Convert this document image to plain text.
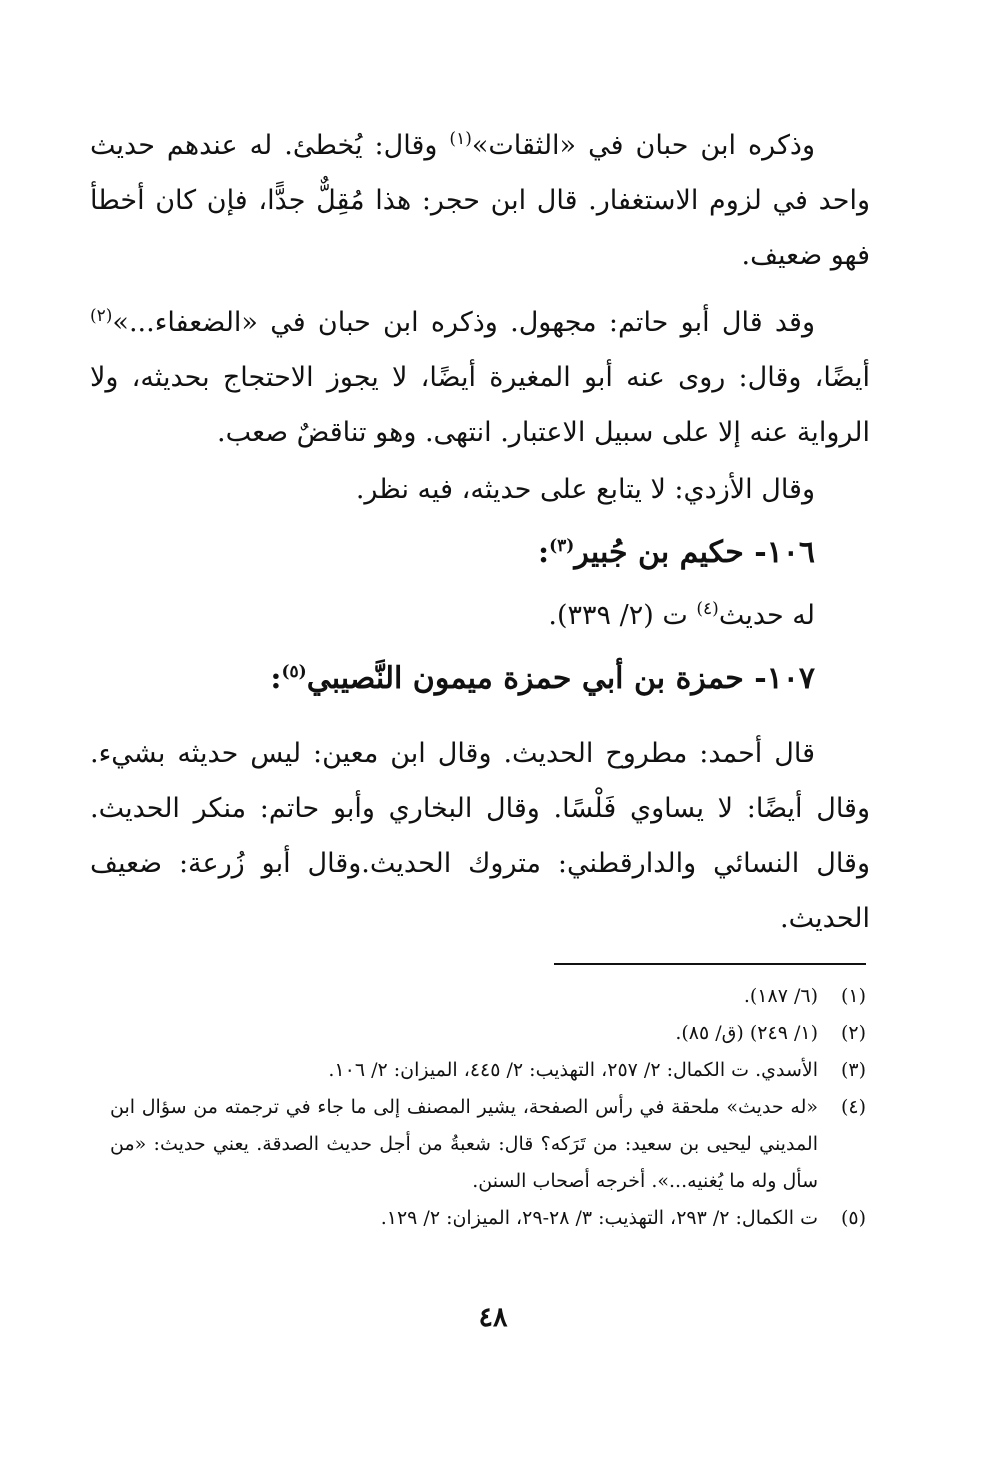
وذكره ابن حبان في «الثقات»$^{(١)}$ وقال: يُخطئ. له عندهم حديث واحد في لزوم الاستغفار. قال ابن حجر: هذا مُقِلٌّ جدًّا، فإن كان أخطأ فهو ضعيف.

وقد قال أبو حاتم: مجهول. وذكره ابن حبان في «الضعفاء...»$^{(٢)}$ أيضًا، وقال: روى عنه أبو المغيرة أيضًا، لا يجوز الاحتجاج بحديثه، ولا الرواية عنه إلا على سبيل الاعتبار. انتهى. وهو تناقضٌ صعب.

وقال الأزدي: لا يتابع على حديثه، فيه نظر.

١٠٦- حكيم بن جُبير$^{(٣)}$:

له حديث$^{(٤)}$ ت (٢/ ٣٣٩).

١٠٧- حمزة بن أبي حمزة ميمون النَّصيبي$^{(٥)}$:

قال أحمد: مطروح الحديث. وقال ابن معين: ليس حديثه بشيء. وقال أيضًا: لا يساوي فَلْسًا. وقال البخاري وأبو حاتم: منكر الحديث. وقال النسائي والدارقطني: متروك الحديث.وقال أبو زُرعة: ضعيف الحديث.

(١)
(٦/ ١٨٧).
(٢)
(١/ ٢٤٩) (ق/ ٨٥).
(٣)
الأسدي. ت الكمال: ٢/ ٢٥٧، التهذيب: ٢/ ٤٤٥، الميزان: ٢/ ١٠٦.
(٤)
«له حديث» ملحقة في رأس الصفحة، يشير المصنف إلى ما جاء في ترجمته من سؤال ابن المديني ليحيى بن سعيد: من تَرَكه؟ قال: شعبةُ من أجل حديث الصدقة. يعني حديث: «من سأل وله ما يُغنيه...». أخرجه أصحاب السنن.
(٥)
ت الكمال: ٢/ ٢٩٣، التهذيب: ٣/ ٢٨-٢٩، الميزان: ٢/ ١٢٩.
٤٨
